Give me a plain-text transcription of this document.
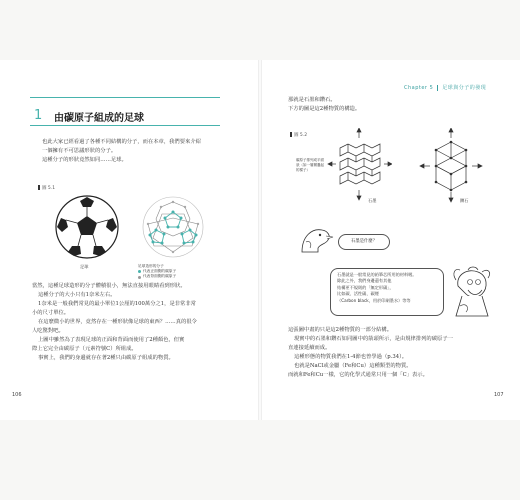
1 由碳原子組成的足球
也此大家已經看過了各種不同結構的分子，而在本章，我們要來介紹
一個擁有不可思議形狀的分子。
這種分子的形狀竟然如同……足球。
圖 5.1
足球	足球造形的分子
代表正面側的碳原子
代表背面側的碳原子
當然，這種足球造形的分子體積很小，無法直接用眼睛看到形狀。
這種分子的大小只有1奈米左右。
1奈米是一般我們常見的最小單位1公厘的100萬分之1，是非常非常
小的尺寸單位。
在這麼微小的世界，竟然存在一種形狀像足球的東西？……真的很令
人吃驚對吧。
上圖中雖然為了表現足球的正面和背面而使用了2種顏色，但實
際上它完全由碳原子（元素符號C）所組成。
事實上，我們的身邊就存在著2種只由碳原子組成的物質。
106
Chapter 5 足球與分子的發現
那就是石墨和鑽石。
下方的圖是這2種物質的構造。
圖 5.2
碳原子排列成平面狀（如一層層疊起的樣子）
石墨	鑽石
石墨是什麼？
石墨就是一般常見的鉛筆芯所用的材料喔。
除此之外，我們身邊還有其他
結構更不規則的「無定形碳」，
比如碳、活性碳、碳煙
（Carbon black，用於印刷墨水）等等
這張圖中畫的只是這2種物質的一部分結構。
現實中的石墨和鑽石如同圖中的箭頭所示，是由規律排列的碳原子一
直連接延續而成。
這種形態的物質我們在1-4節也曾學過（p.34）。
也就是NaCl或金屬（Fe和Cu）這種類型的物質。
而就和Fe和Cu一樣，它的化學式通常只用一個「C」表示。
107
